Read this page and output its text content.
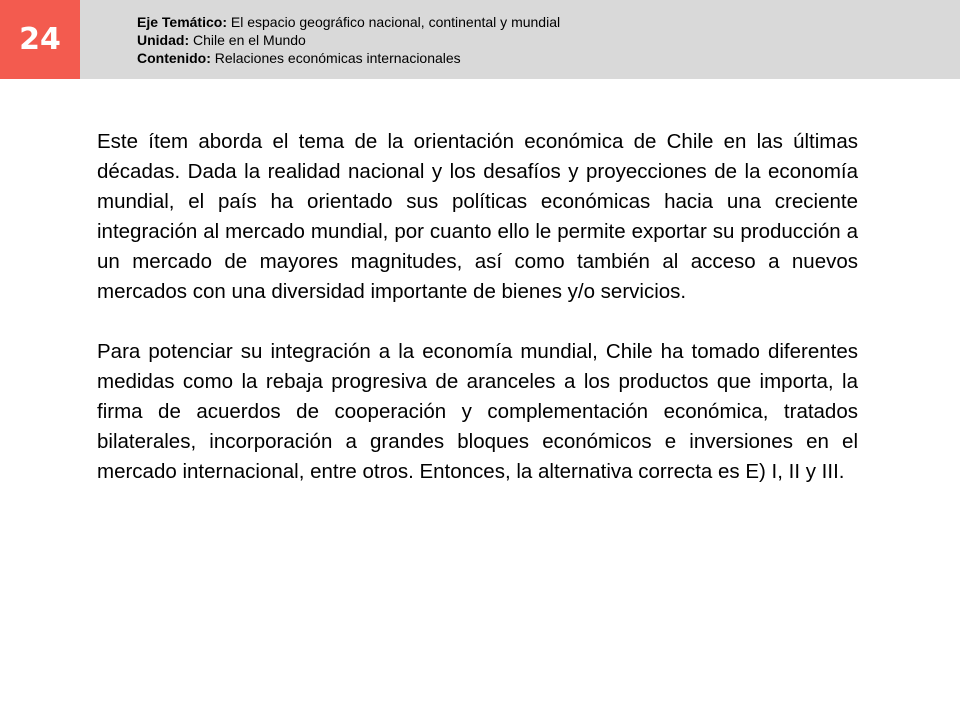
24	Eje Temático: El espacio geográfico nacional, continental y mundial
Unidad: Chile en el Mundo
Contenido: Relaciones económicas internacionales

Este ítem aborda el tema de la orientación económica de Chile en las últimas décadas. Dada la realidad nacional y los desafíos y proyecciones de la economía mundial, el país ha orientado sus políticas económicas hacia una creciente integración al mercado mundial, por cuanto ello le permite exportar su producción a un mercado de mayores magnitudes, así como también al acceso a nuevos mercados con una diversidad importante de bienes y/o servicios.

Para potenciar su integración a la economía mundial, Chile ha tomado diferentes medidas como la rebaja progresiva de aranceles a los productos que importa, la firma de acuerdos de cooperación y complementación económica, tratados bilaterales, incorporación a grandes bloques económicos e inversiones en el mercado internacional, entre otros. Entonces, la alternativa correcta es E) I, II y III.
